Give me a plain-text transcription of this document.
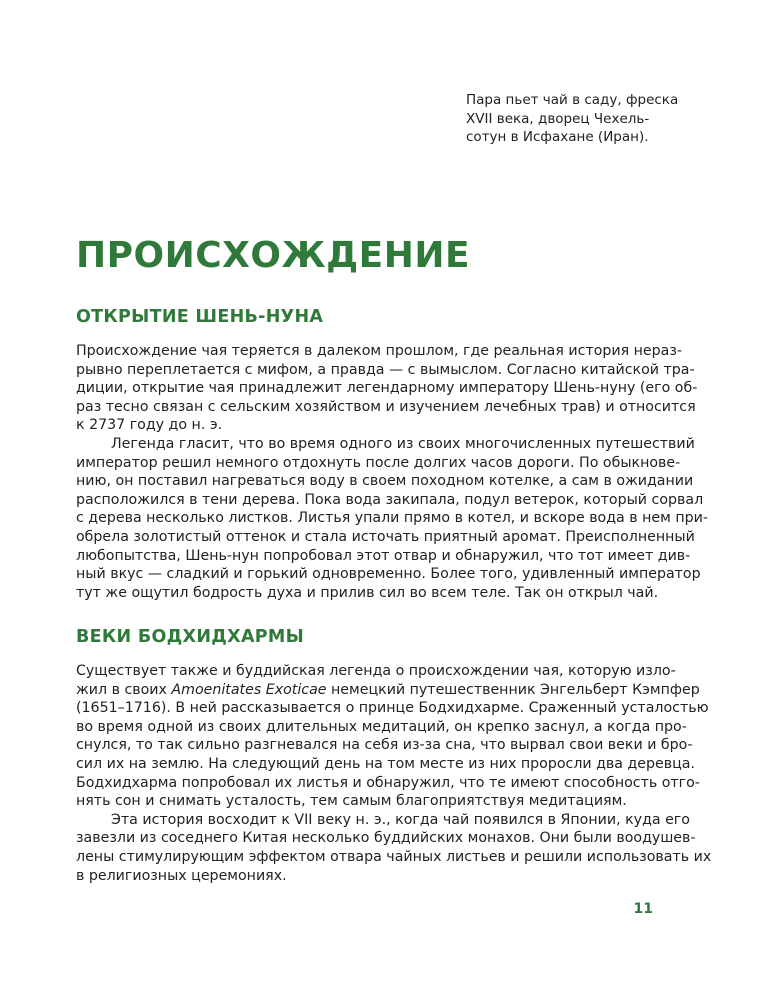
Пара пьет чай в саду, фреска
XVII века, дворец Чехель-
сотун в Исфахане (Иран).

ПРОИСХОЖДЕНИЕ
ОТКРЫТИЕ ШЕНЬ-НУНА

Происхождение чая теряется в далеком прошлом, где реальная история нераз-
рывно переплетается с мифом, а правда — с вымыслом. Согласно китайской тра-
диции, открытие чая принадлежит легендарному императору Шень-нуну (его об-
раз тесно связан с сельским хозяйством и изучением лечебных трав) и относится
к 2737 году до н. э.
Легенда гласит, что во время одного из своих многочисленных путешествий
император решил немного отдохнуть после долгих часов дороги. По обыкнове-
нию, он поставил нагреваться воду в своем походном котелке, а сам в ожидании
расположился в тени дерева. Пока вода закипала, подул ветерок, который сорвал
с дерева несколько листков. Листья упали прямо в котел, и вскоре вода в нем при-
обрела золотистый оттенок и стала источать приятный аромат. Преисполненный
любопытства, Шень-нун попробовал этот отвар и обнаружил, что тот имеет див-
ный вкус — сладкий и горький одновременно. Более того, удивленный император
тут же ощутил бодрость духа и прилив сил во всем теле. Так он открыл чай.

ВЕКИ БОДХИДХАРМЫ

Существует также и буддийская легенда о происхождении чая, которую изло-
жил в своих Amoenitates Exoticae немецкий путешественник Энгельберт Кэмпфер
(1651–1716). В ней рассказывается о принце Бодхидхарме. Сраженный усталостью
во время одной из своих длительных медитаций, он крепко заснул, а когда про-
снулся, то так сильно разгневался на себя из-за сна, что вырвал свои веки и бро-
сил их на землю. На следующий день на том месте из них проросли два деревца.
Бодхидхарма попробовал их листья и обнаружил, что те имеют способность отго-
нять сон и снимать усталость, тем самым благоприятствуя медитациям.
Эта история восходит к VII веку н. э., когда чай появился в Японии, куда его
завезли из соседнего Китая несколько буддийских монахов. Они были воодушев-
лены стимулирующим эффектом отвара чайных листьев и решили использовать их
в религиозных церемониях.

11
